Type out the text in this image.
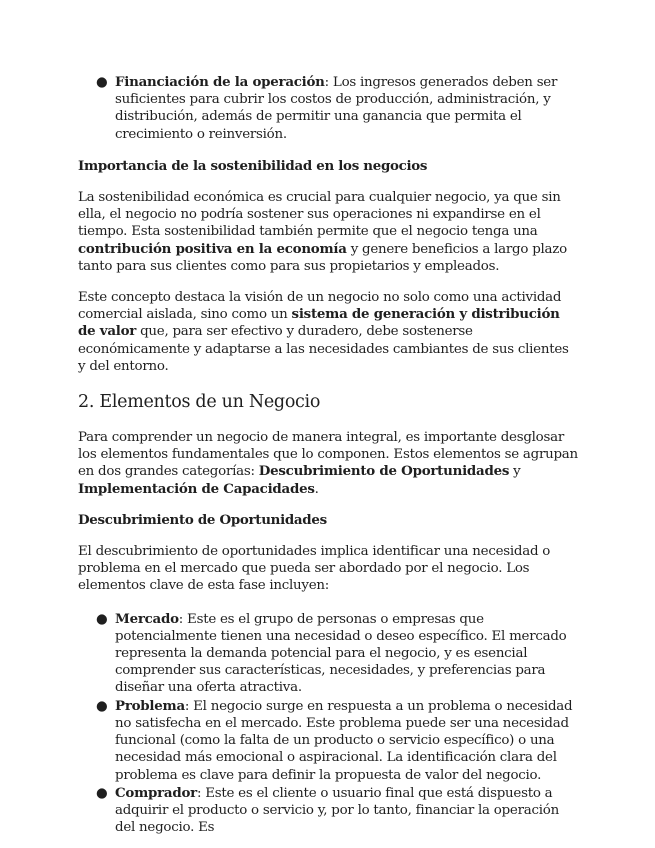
● Financiación de la operación: Los ingresos generados deben ser suficientes para cubrir los costos de producción, administración, y distribución, además de permitir una ganancia que permita el crecimiento o reinversión.

Importancia de la sostenibilidad en los negocios

La sostenibilidad económica es crucial para cualquier negocio, ya que sin ella, el negocio no podría sostener sus operaciones ni expandirse en el tiempo. Esta sostenibilidad también permite que el negocio tenga una contribución positiva en la economía y genere beneficios a largo plazo tanto para sus clientes como para sus propietarios y empleados.

Este concepto destaca la visión de un negocio no solo como una actividad comercial aislada, sino como un sistema de generación y distribución de valor que, para ser efectivo y duradero, debe sostenerse económicamente y adaptarse a las necesidades cambiantes de sus clientes y del entorno.

2. Elementos de un Negocio

Para comprender un negocio de manera integral, es importante desglosar los elementos fundamentales que lo componen. Estos elementos se agrupan en dos grandes categorías: Descubrimiento de Oportunidades y Implementación de Capacidades.

Descubrimiento de Oportunidades

El descubrimiento de oportunidades implica identificar una necesidad o problema en el mercado que pueda ser abordado por el negocio. Los elementos clave de esta fase incluyen:

● Mercado: Este es el grupo de personas o empresas que potencialmente tienen una necesidad o deseo específico. El mercado representa la demanda potencial para el negocio, y es esencial comprender sus características, necesidades, y preferencias para diseñar una oferta atractiva.
● Problema: El negocio surge en respuesta a un problema o necesidad no satisfecha en el mercado. Este problema puede ser una necesidad funcional (como la falta de un producto o servicio específico) o una necesidad más emocional o aspiracional. La identificación clara del problema es clave para definir la propuesta de valor del negocio.
● Comprador: Este es el cliente o usuario final que está dispuesto a adquirir el producto o servicio y, por lo tanto, financiar la operación del negocio. Es
